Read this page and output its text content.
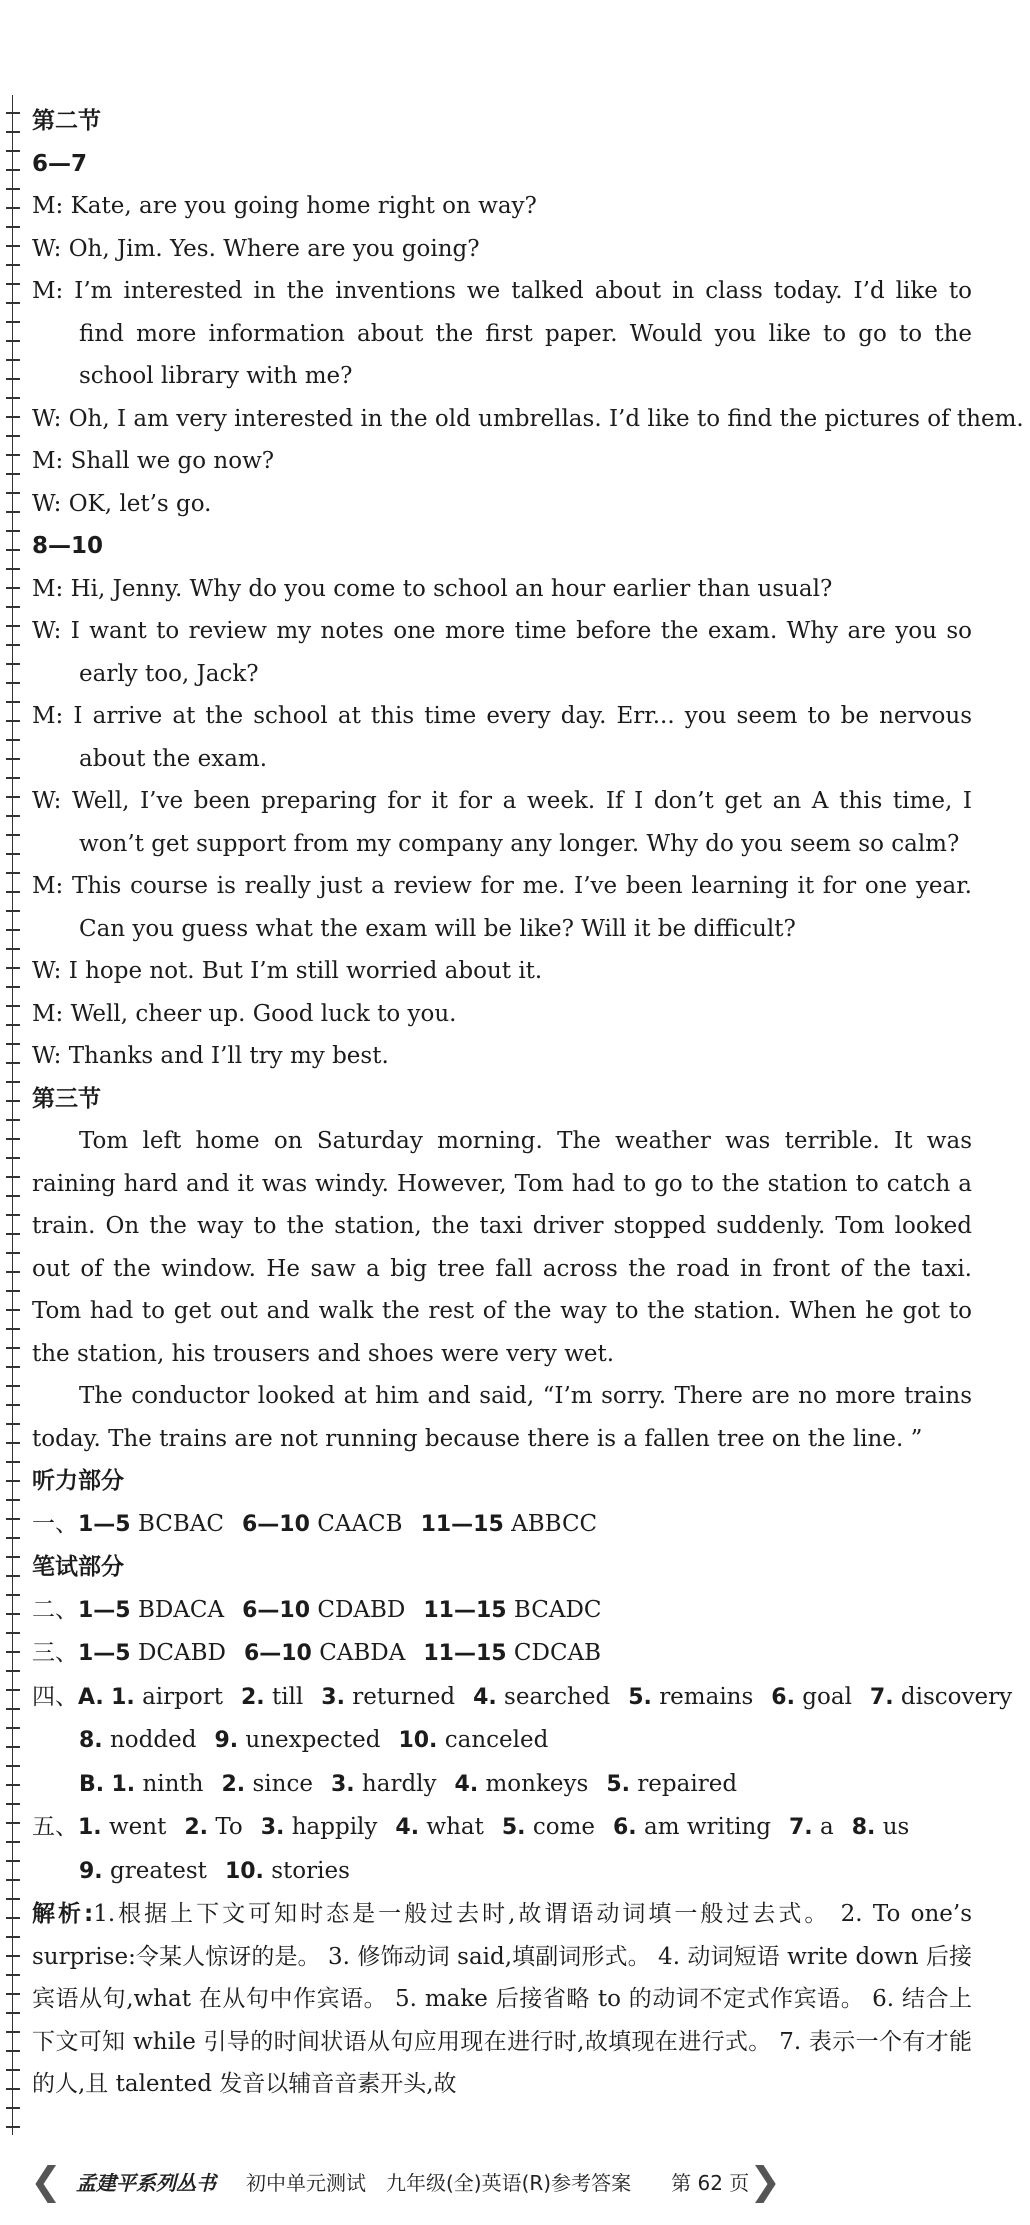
第二节

6—7

M: Kate, are you going home right on way?

W: Oh, Jim. Yes. Where are you going?

M: I’m interested in the inventions we talked about in class today. I’d like to find more information about the first paper. Would you like to go to the school library with me?

W: Oh, I am very interested in the old umbrellas. I’d like to find the pictures of them.

M: Shall we go now?

W: OK, let’s go.

8—10

M: Hi, Jenny. Why do you come to school an hour earlier than usual?

W: I want to review my notes one more time before the exam. Why are you so early too, Jack?

M: I arrive at the school at this time every day. Err... you seem to be nervous about the exam.

W: Well, I’ve been preparing for it for a week. If I don’t get an A this time, I won’t get support from my company any longer. Why do you seem so calm?

M: This course is really just a review for me. I’ve been learning it for one year. Can you guess what the exam will be like? Will it be difficult?

W: I hope not. But I’m still worried about it.

M: Well, cheer up. Good luck to you.

W: Thanks and I’ll try my best.

第三节

Tom left home on Saturday morning. The weather was terrible. It was raining hard and it was windy. However, Tom had to go to the station to catch a train. On the way to the station, the taxi driver stopped suddenly. Tom looked out of the window. He saw a big tree fall across the road in front of the taxi. Tom had to get out and walk the rest of the way to the station. When he got to the station, his trousers and shoes were very wet.

The conductor looked at him and said, “I’m sorry. There are no more trains today. The trains are not running because there is a fallen tree on the line. ”

听力部分

一、1—5 BCBAC 6—10 CAACB 11—15 ABBCC

笔试部分

二、1—5 BDACA 6—10 CDABD 11—15 BCADC

三、1—5 DCABD 6—10 CABDA 11—15 CDCAB

四、A. 1. airport 2. till 3. returned 4. searched 5. remains 6. goal 7. discovery

8. nodded 9. unexpected 10. canceled

B. 1. ninth 2. since 3. hardly 4. monkeys 5. repaired

五、1. went 2. To 3. happily 4. what 5. come 6. am writing 7. a 8. us

9. greatest 10. stories

解析:1.根据上下文可知时态是一般过去时,故谓语动词填一般过去式。 2. To one’s surprise:令某人惊讶的是。 3. 修饰动词 said,填副词形式。 4. 动词短语 write down 后接宾语从句,what 在从句中作宾语。 5. make 后接省略 to 的动词不定式作宾语。 6. 结合上下文可知 while 引导的时间状语从句应用现在进行时,故填现在进行式。 7. 表示一个有才能的人,且 talented 发音以辅音音素开头,故

❮ 孟建平系列丛书 初中单元测试　九年级(全)英语(R)参考答案 第 62 页 ❯
